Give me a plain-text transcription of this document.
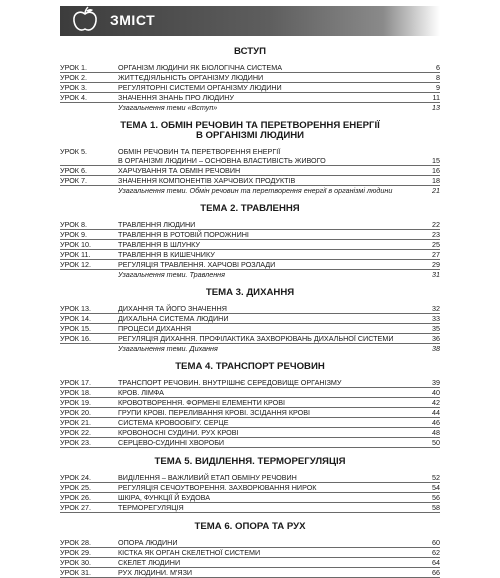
ЗМІСТ
ВСТУП
УРОК 1.	ОРГАНІЗМ ЛЮДИНИ ЯК БІОЛОГІЧНА СИСТЕМА	6
УРОК 2.	ЖИТТЄДІЯЛЬНІСТЬ ОРГАНІЗМУ ЛЮДИНИ	8
УРОК 3.	РЕГУЛЯТОРНІ СИСТЕМИ ОРГАНІЗМУ ЛЮДИНИ	9
УРОК 4.	ЗНАЧЕННЯ ЗНАНЬ ПРО ЛЮДИНУ	11
Узагальнення теми «Вступ»	13
ТЕМА 1. ОБМІН РЕЧОВИН ТА ПЕРЕТВОРЕННЯ ЕНЕРГІЇ
В ОРГАНІЗМІ ЛЮДИНИ
УРОК 5.	ОБМІН РЕЧОВИН ТА ПЕРЕТВОРЕННЯ ЕНЕРГІЇ
В ОРГАНІЗМІ ЛЮДИНИ – ОСНОВНА ВЛАСТИВІСТЬ ЖИВОГО	15
УРОК 6.	ХАРЧУВАННЯ ТА ОБМІН РЕЧОВИН	16
УРОК 7.	ЗНАЧЕННЯ КОМПОНЕНТІВ ХАРЧОВИХ ПРОДУКТІВ	18
Узагальнення теми. Обмін речовин та перетворення енергії в організмі людини	21
ТЕМА 2. ТРАВЛЕННЯ
УРОК 8.	ТРАВЛЕННЯ ЛЮДИНИ	22
УРОК 9.	ТРАВЛЕННЯ В РОТОВІЙ ПОРОЖНИНІ	23
УРОК 10.	ТРАВЛЕННЯ В ШЛУНКУ	25
УРОК 11.	ТРАВЛЕННЯ В КИШЕЧНИКУ	27
УРОК 12.	РЕГУЛЯЦІЯ ТРАВЛЕННЯ. ХАРЧОВІ РОЗЛАДИ	29
Узагальнення теми. Травлення	31
ТЕМА 3. ДИХАННЯ
УРОК 13.	ДИХАННЯ ТА ЙОГО ЗНАЧЕННЯ	32
УРОК 14.	ДИХАЛЬНА СИСТЕМА ЛЮДИНИ	33
УРОК 15.	ПРОЦЕСИ ДИХАННЯ	35
УРОК 16.	РЕГУЛЯЦІЯ ДИХАННЯ. ПРОФІЛАКТИКА ЗАХВОРЮВАНЬ ДИХАЛЬНОЇ СИСТЕМИ	36
Узагальнення теми. Дихання	38
ТЕМА 4. ТРАНСПОРТ РЕЧОВИН
УРОК 17.	ТРАНСПОРТ РЕЧОВИН. ВНУТРІШНЄ СЕРЕДОВИЩЕ ОРГАНІЗМУ	39
УРОК 18.	КРОВ. ЛІМФА	40
УРОК 19.	КРОВОТВОРЕННЯ. ФОРМЕНІ ЕЛЕМЕНТИ КРОВІ	42
УРОК 20.	ГРУПИ КРОВІ. ПЕРЕЛИВАННЯ КРОВІ. ЗСІДАННЯ КРОВІ	44
УРОК 21.	СИСТЕМА КРОВООБІГУ. СЕРЦЕ	46
УРОК 22.	КРОВОНОСНІ СУДИНИ. РУХ КРОВІ	48
УРОК 23.	СЕРЦЕВО-СУДИННІ ХВОРОБИ	50
ТЕМА 5. ВИДІЛЕННЯ. ТЕРМОРЕГУЛЯЦІЯ
УРОК 24.	ВИДІЛЕННЯ – ВАЖЛИВИЙ ЕТАП ОБМІНУ РЕЧОВИН	52
УРОК 25.	РЕГУЛЯЦІЯ СЕЧОУТВОРЕННЯ. ЗАХВОРЮВАННЯ НИРОК	54
УРОК 26.	ШКІРА, ФУНКЦІЇ Й БУДОВА	56
УРОК 27.	ТЕРМОРЕГУЛЯЦІЯ	58
ТЕМА 6. ОПОРА ТА РУХ
УРОК 28.	ОПОРА ЛЮДИНИ	60
УРОК 29.	КІСТКА ЯК ОРГАН СКЕЛЕТНОЇ СИСТЕМИ	62
УРОК 30.	СКЕЛЕТ ЛЮДИНИ	64
УРОК 31.	РУХ ЛЮДИНИ. М'ЯЗИ	66
